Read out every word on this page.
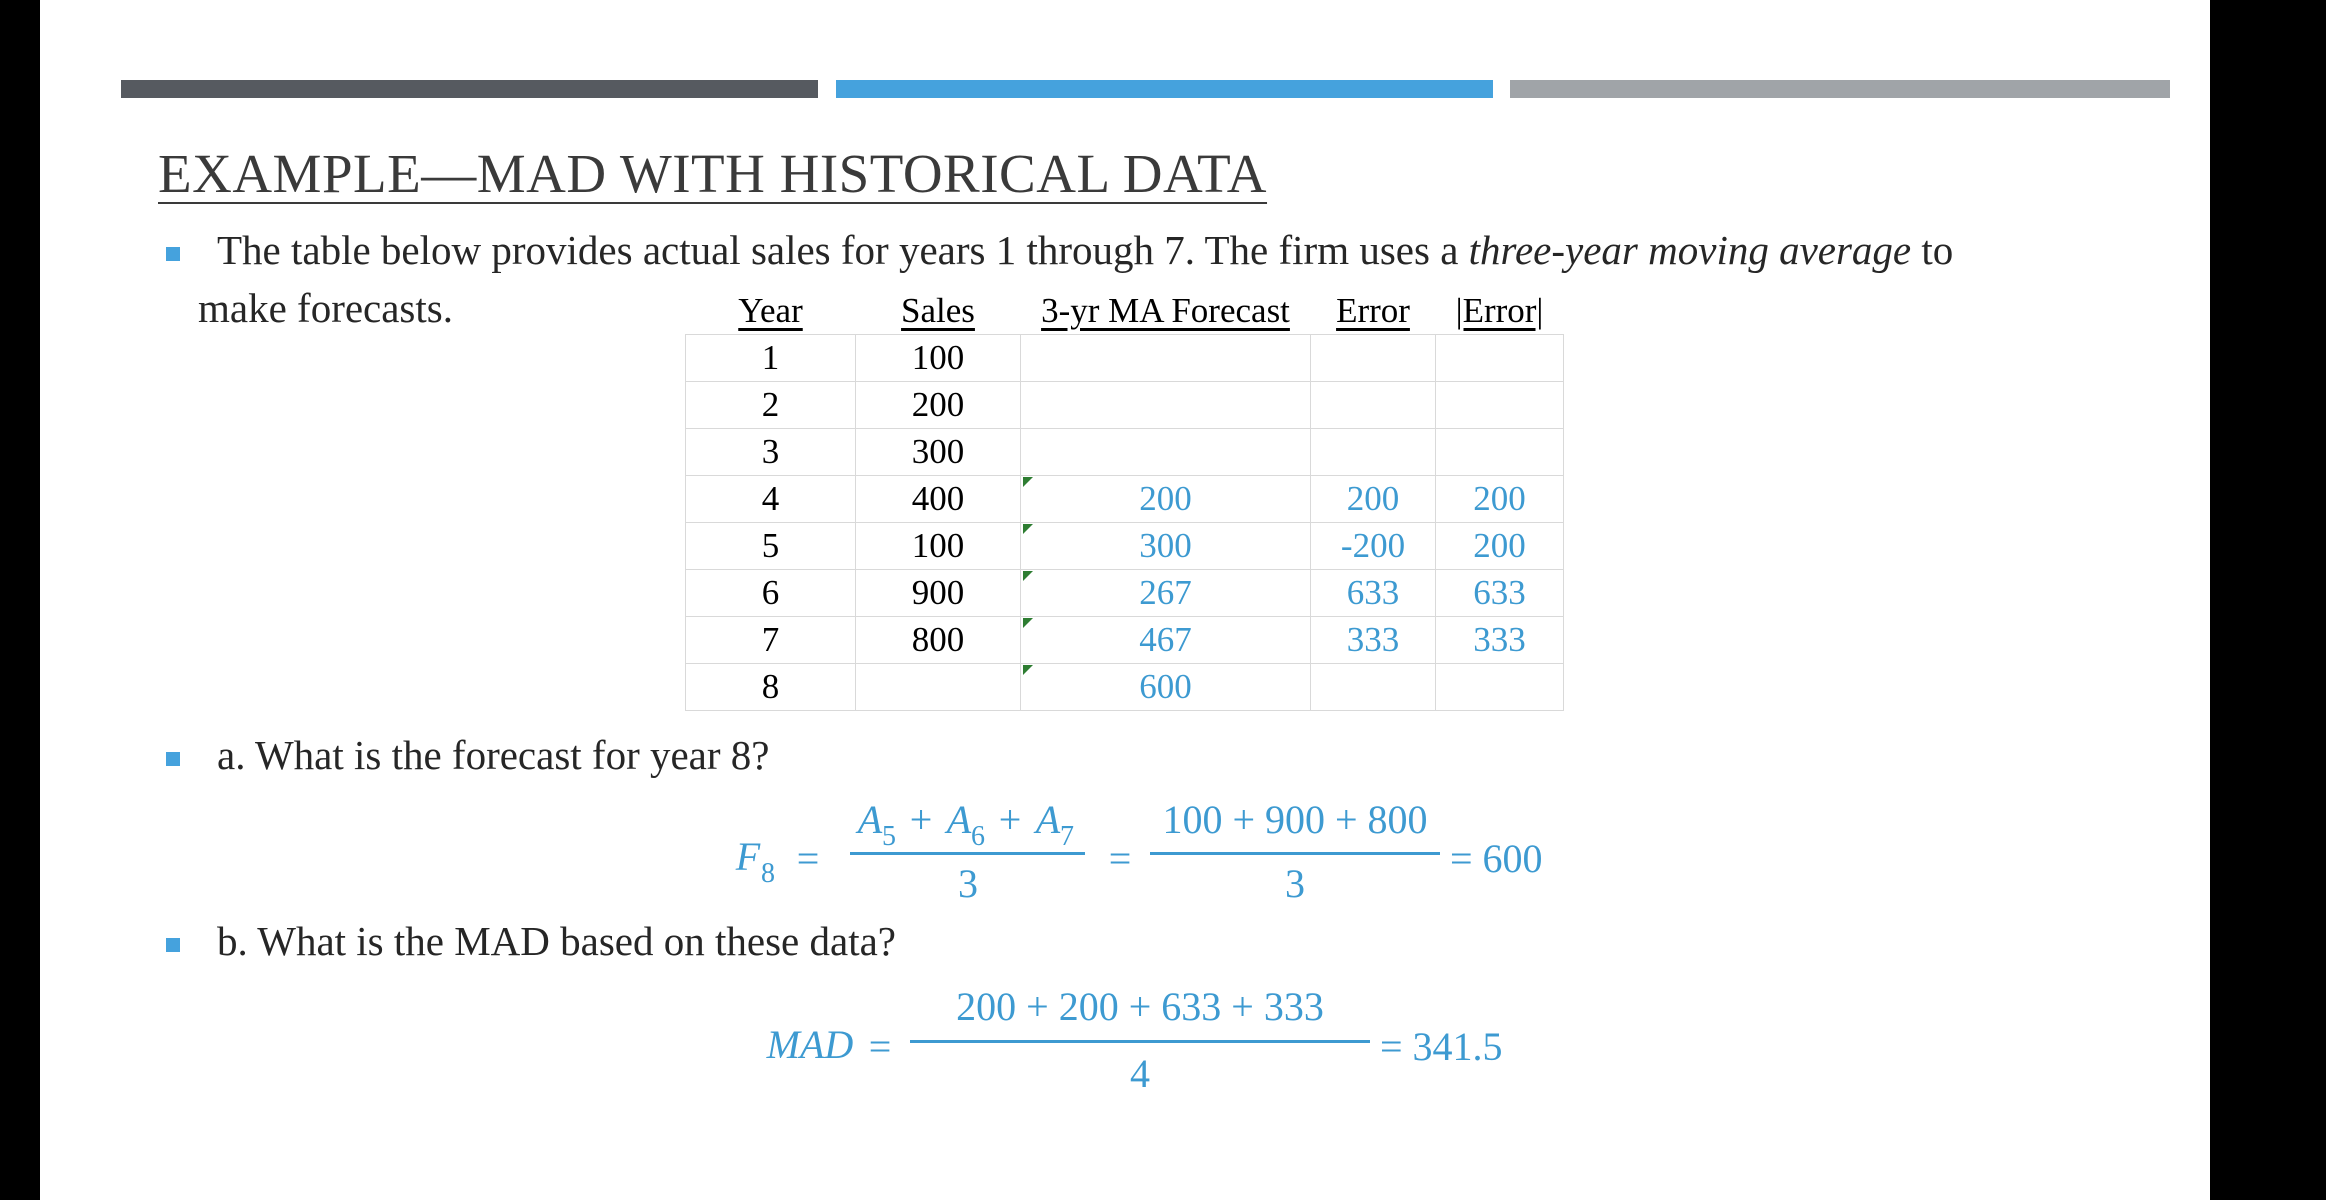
EXAMPLE—MAD WITH HISTORICAL DATA
The table below provides actual sales for years 1 through 7. The firm uses a three-year moving average to
make forecasts.	Year	Sales	3-yr MA Forecast	Error	|Error|
1	100			
2	200			
3	300			
4	400	200	200	200
5	100	300	-200	200
6	900	267	633	633
7	800	467	333	333
8		600		
a. What is the forecast for year 8?
F 8 =
A 5 + A 6 + A 7
3
=
100 + 900 + 800
3
= 600
b. What is the MAD based on these data?
MAD =
200 + 200 + 633 + 333
4
= 341.5
